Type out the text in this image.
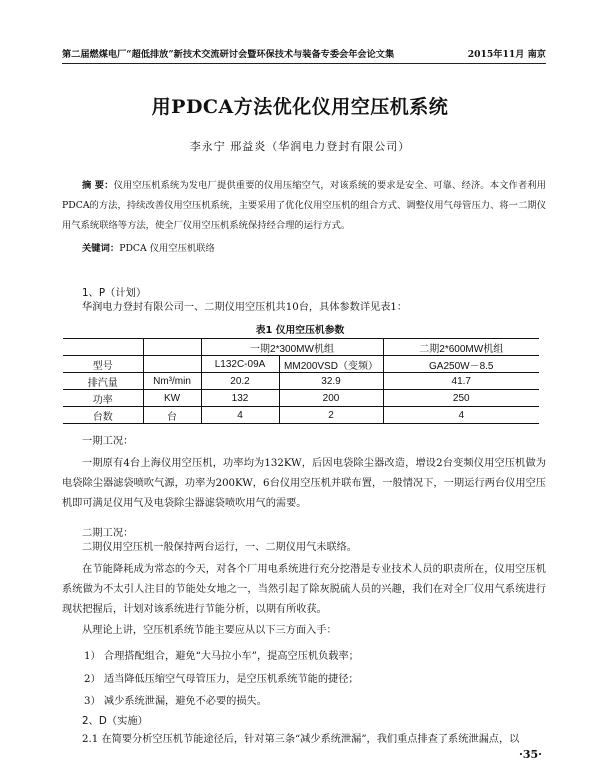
第二届燃煤电厂“超低排放”新技术交流研讨会暨环保技术与装备专委会年会论文集	2015年11月 南京
用PDCA方法优化仪用空压机系统
李永宁 邢益炎（华润电力登封有限公司）
摘 要：仪用空压机系统为发电厂提供重要的仪用压缩空气，对该系统的要求是安全、可靠、经济。本文作者利用PDCA的方法，持续改善仪用空压机系统，主要采用了优化仪用空压机的组合方式、调整仪用气母管压力、将一二期仪用气系统联络等方法，使全厂仪用空压机系统保持经合理的运行方式。
关键词：PDCA 仪用空压机联络
1、P（计划）
华润电力登封有限公司一、二期仪用空压机共10台，具体参数详见表1：
表1 仪用空压机参数
		一期2*300MW机组		二期2*600MW机组
型号		L132C-09A	MM200VSD（变频）	GA250W－8.5
排汽量	Nm³/min	20.2	32.9	41.7
功率	KW	132	200	250
台数	台	4	2	4
一期工况：
一期原有4台上海仪用空压机，功率均为132KW，后因电袋除尘器改造，增设2台变频仪用空压机做为电袋除尘器滤袋喷吹气源，功率为200KW，6台仪用空压机并联布置，一般情况下，一期运行两台仪用空压机即可满足仪用气及电袋除尘器滤袋喷吹用气的需要。
二期工况：
二期仪用空压机一般保持两台运行，一、二期仪用气未联络。
在节能降耗成为常态的今天，对各个厂用电系统进行充分挖潜是专业技术人员的职责所在，仪用空压机系统做为不太引人注目的节能处女地之一，当然引起了除灰脱硫人员的兴趣，我们在对全厂仪用气系统进行现状把握后，计划对该系统进行节能分析，以期有所收获。
从理论上讲，空压机系统节能主要应从以下三方面入手：
1） 合理搭配组合，避免“大马拉小车”，提高空压机负载率；
2） 适当降低压缩空气母管压力，是空压机系统节能的捷径；
3） 减少系统泄漏，避免不必要的损失。
2、D（实施）
2.1 在简要分析空压机节能途径后，针对第三条“减少系统泄漏”，我们重点排查了系统泄漏点，以
·35·
